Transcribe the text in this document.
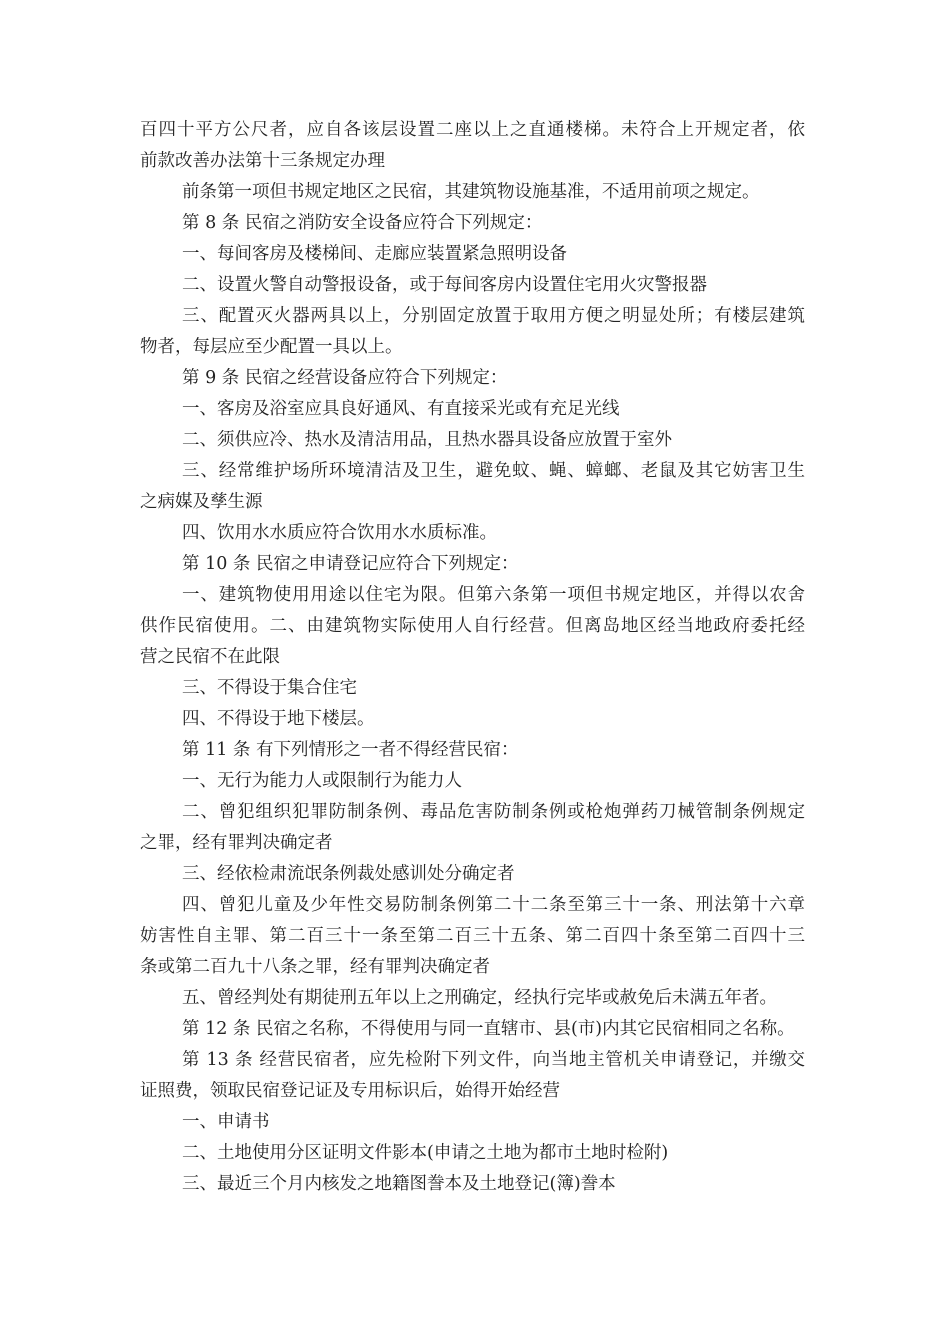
百四十平方公尺者，应自各该层设置二座以上之直通楼梯。未符合上开规定者，依
前款改善办法第十三条规定办理
前条第一项但书规定地区之民宿，其建筑物设施基准，不适用前项之规定。
第 8 条 民宿之消防安全设备应符合下列规定：
一、每间客房及楼梯间、走廊应装置紧急照明设备
二、设置火警自动警报设备，或于每间客房内设置住宅用火灾警报器
三、配置灭火器两具以上，分别固定放置于取用方便之明显处所；有楼层建筑
物者，每层应至少配置一具以上。
第 9 条 民宿之经营设备应符合下列规定：
一、客房及浴室应具良好通风、有直接采光或有充足光线
二、须供应冷、热水及清洁用品，且热水器具设备应放置于室外
三、经常维护场所环境清洁及卫生，避免蚊、蝇、蟑螂、老鼠及其它妨害卫生
之病媒及孳生源
四、饮用水水质应符合饮用水水质标准。
第 10 条 民宿之申请登记应符合下列规定：
一、建筑物使用用途以住宅为限。但第六条第一项但书规定地区，并得以农舍
供作民宿使用。二、由建筑物实际使用人自行经营。但离岛地区经当地政府委托经
营之民宿不在此限
三、不得设于集合住宅
四、不得设于地下楼层。
第 11 条 有下列情形之一者不得经营民宿：
一、无行为能力人或限制行为能力人
二、曾犯组织犯罪防制条例、毒品危害防制条例或枪炮弹药刀械管制条例规定
之罪，经有罪判决确定者
三、经依检肃流氓条例裁处感训处分确定者
四、曾犯儿童及少年性交易防制条例第二十二条至第三十一条、刑法第十六章
妨害性自主罪、第二百三十一条至第二百三十五条、第二百四十条至第二百四十三
条或第二百九十八条之罪，经有罪判决确定者
五、曾经判处有期徒刑五年以上之刑确定，经执行完毕或赦免后未满五年者。
第 12 条 民宿之名称，不得使用与同一直辖市、县(市)内其它民宿相同之名称。
第 13 条 经营民宿者，应先检附下列文件，向当地主管机关申请登记，并缴交
证照费，领取民宿登记证及专用标识后，始得开始经营
一、申请书
二、土地使用分区证明文件影本(申请之土地为都市土地时检附)
三、最近三个月内核发之地籍图誊本及土地登记(簿)誊本
